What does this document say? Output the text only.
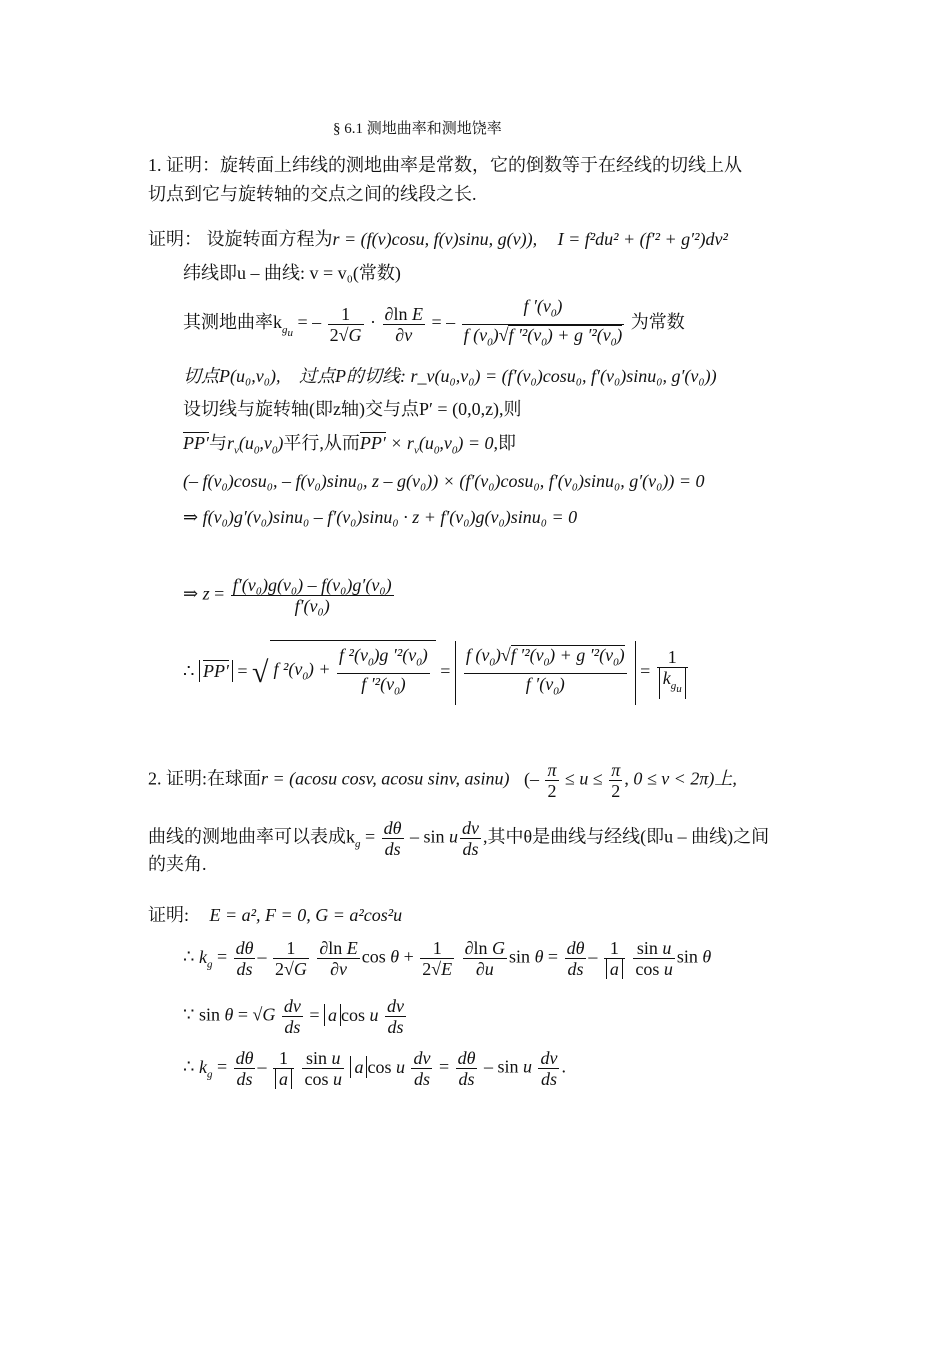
§ 6.1 测地曲率和测地饶率
1. 证明：旋转面上纬线的测地曲率是常数，它的倒数等于在经线的切线上从
切点到它与旋转轴的交点之间的线段之长.
证明： 设旋转面方程为r = (f(v)cosu, f(v)sinu, g(v)), I = f²du² + (f′² + g′²)dv²
纬线即u – 曲线: v = v₀(常数)
其测地曲率$k_{g_u}$ = – $\frac{1}{2√G} \cdot \frac{\text{∂ln E}}{\partial v}$ = – $\frac{f '(v_0)}{f (v_0)√f '^2(v_0) + g '^2(v_0)}$ 为常数
切点P(u₀,v₀), 过点P的切线: r_v(u₀,v₀) = (f′(v₀)cosu₀, f′(v₀)sinu₀, g′(v₀))
设切线与旋转轴(即z轴)交与点P′ = (0,0,z),则
PP′与$r_v(u_0,v_0)$平行,从而$PP' \times r_v(u_0,v_0) = 0$,即
(– f(v₀)cosu₀, – f(v₀)sinu₀, z – g(v₀)) × (f′(v₀)cosu₀, f′(v₀)sinu₀, g′(v₀)) = 0
⇒ f(v₀)g′(v₀)sinu₀ – f′(v₀)sinu₀ · z + f′(v₀)g(v₀)sinu₀ = 0
⇒ $z = \frac{\text{f′(v₀)g(v₀) – f(v₀)g′(v₀)}}{\text{f′(v₀)}}$
∴ PP′ = √ f $^2(v_0) + \frac{f ^2(v_0)g '^2(v_0)}{f '^2(v_0)} = \frac{f (v_0)√f '^2(v_0) + g '^2(v_0)}{f '(v_0)} = \frac{1}{k_{g_u}}$
2. 证明:在球面r = (acosu cosv, acosu sinv, asinu) (– $\frac{\pi}{2} \le u \le \frac{\pi}{2}$ , 0 ≤ v < 2π)上,
曲线的测地曲率可以表成$k_g = \frac{d\theta}{ds} - \sin u \frac{dv}{ds}$ ,其中θ是曲线与经线(即u – 曲线)之间
的夹角.
证明: E = a², F = 0, G = a²cos²u
∴ $k_g = \frac{d\theta}{ds} - \frac{1}{2√G}$
$\frac{\text{∂ln E}}{\partial v}$ $\cos \theta + \frac{1}{2√E}$
$\frac{\text{∂ln G}}{\partial u}$ $\sin \theta = \frac{d\theta}{ds} - \frac{1}{a}$
$\frac{\text{sin u}}{\text{cos u}}$ sin θ
∵ $\sin \theta = √G \frac{dv}{ds} = a$ cos u $\frac{dv}{ds}$
∴ $k_g = \frac{d\theta}{ds} - \frac{1}{a}$
$\frac{\text{sin u}}{\text{cos u}}$ a cos u $\frac{dv}{ds} = \frac{d\theta}{ds} - \sin u \frac{dv}{ds}$ .
